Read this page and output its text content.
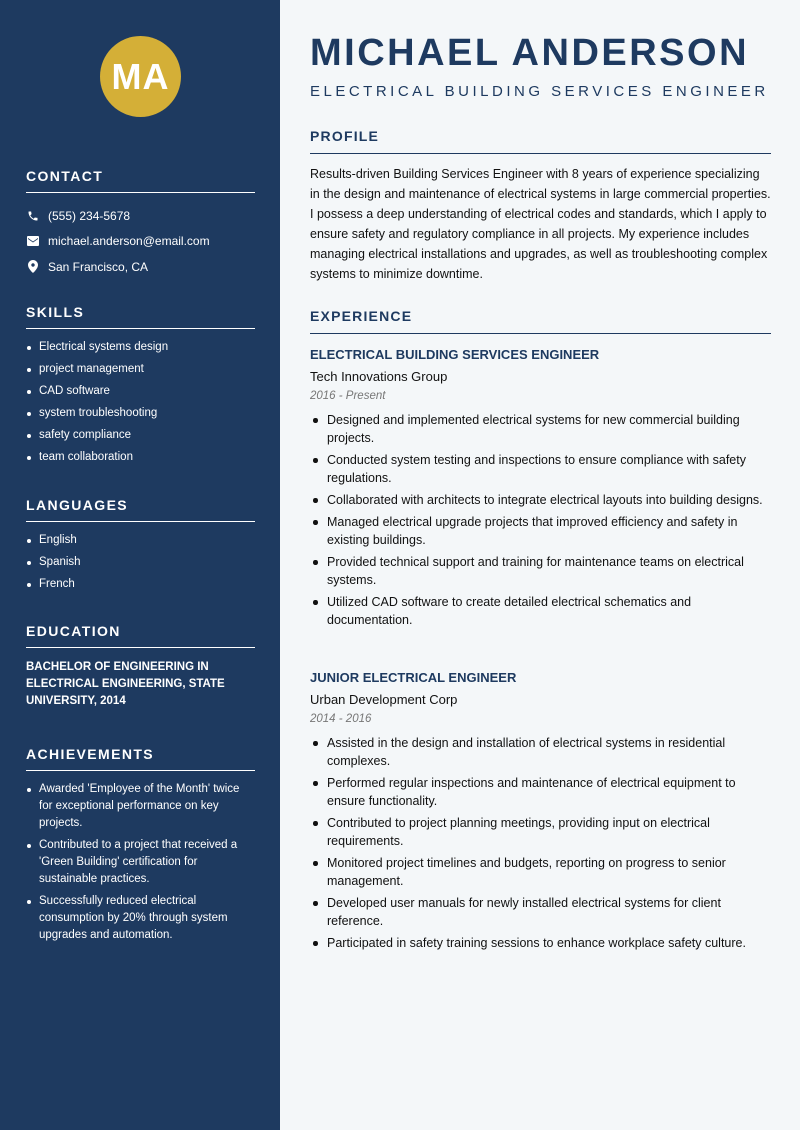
MA
CONTACT
(555) 234-5678
michael.anderson@email.com
San Francisco, CA
SKILLS
Electrical systems design
project management
CAD software
system troubleshooting
safety compliance
team collaboration
LANGUAGES
English
Spanish
French
EDUCATION

BACHELOR OF ENGINEERING IN ELECTRICAL ENGINEERING, STATE UNIVERSITY, 2014

ACHIEVEMENTS
Awarded 'Employee of the Month' twice for exceptional performance on key projects.
Contributed to a project that received a 'Green Building' certification for sustainable practices.
Successfully reduced electrical consumption by 20% through system upgrades and automation.
MICHAEL ANDERSON
ELECTRICAL BUILDING SERVICES ENGINEER
PROFILE

Results-driven Building Services Engineer with 8 years of experience specializing in the design and maintenance of electrical systems in large commercial properties. I possess a deep understanding of electrical codes and standards, which I apply to ensure safety and regulatory compliance in all projects. My experience includes managing electrical installations and upgrades, as well as troubleshooting complex systems to minimize downtime.

EXPERIENCE
ELECTRICAL BUILDING SERVICES ENGINEER
Tech Innovations Group
2016 - Present
Designed and implemented electrical systems for new commercial building projects.
Conducted system testing and inspections to ensure compliance with safety regulations.
Collaborated with architects to integrate electrical layouts into building designs.
Managed electrical upgrade projects that improved efficiency and safety in existing buildings.
Provided technical support and training for maintenance teams on electrical systems.
Utilized CAD software to create detailed electrical schematics and documentation.
JUNIOR ELECTRICAL ENGINEER
Urban Development Corp
2014 - 2016
Assisted in the design and installation of electrical systems in residential complexes.
Performed regular inspections and maintenance of electrical equipment to ensure functionality.
Contributed to project planning meetings, providing input on electrical requirements.
Monitored project timelines and budgets, reporting on progress to senior management.
Developed user manuals for newly installed electrical systems for client reference.
Participated in safety training sessions to enhance workplace safety culture.
